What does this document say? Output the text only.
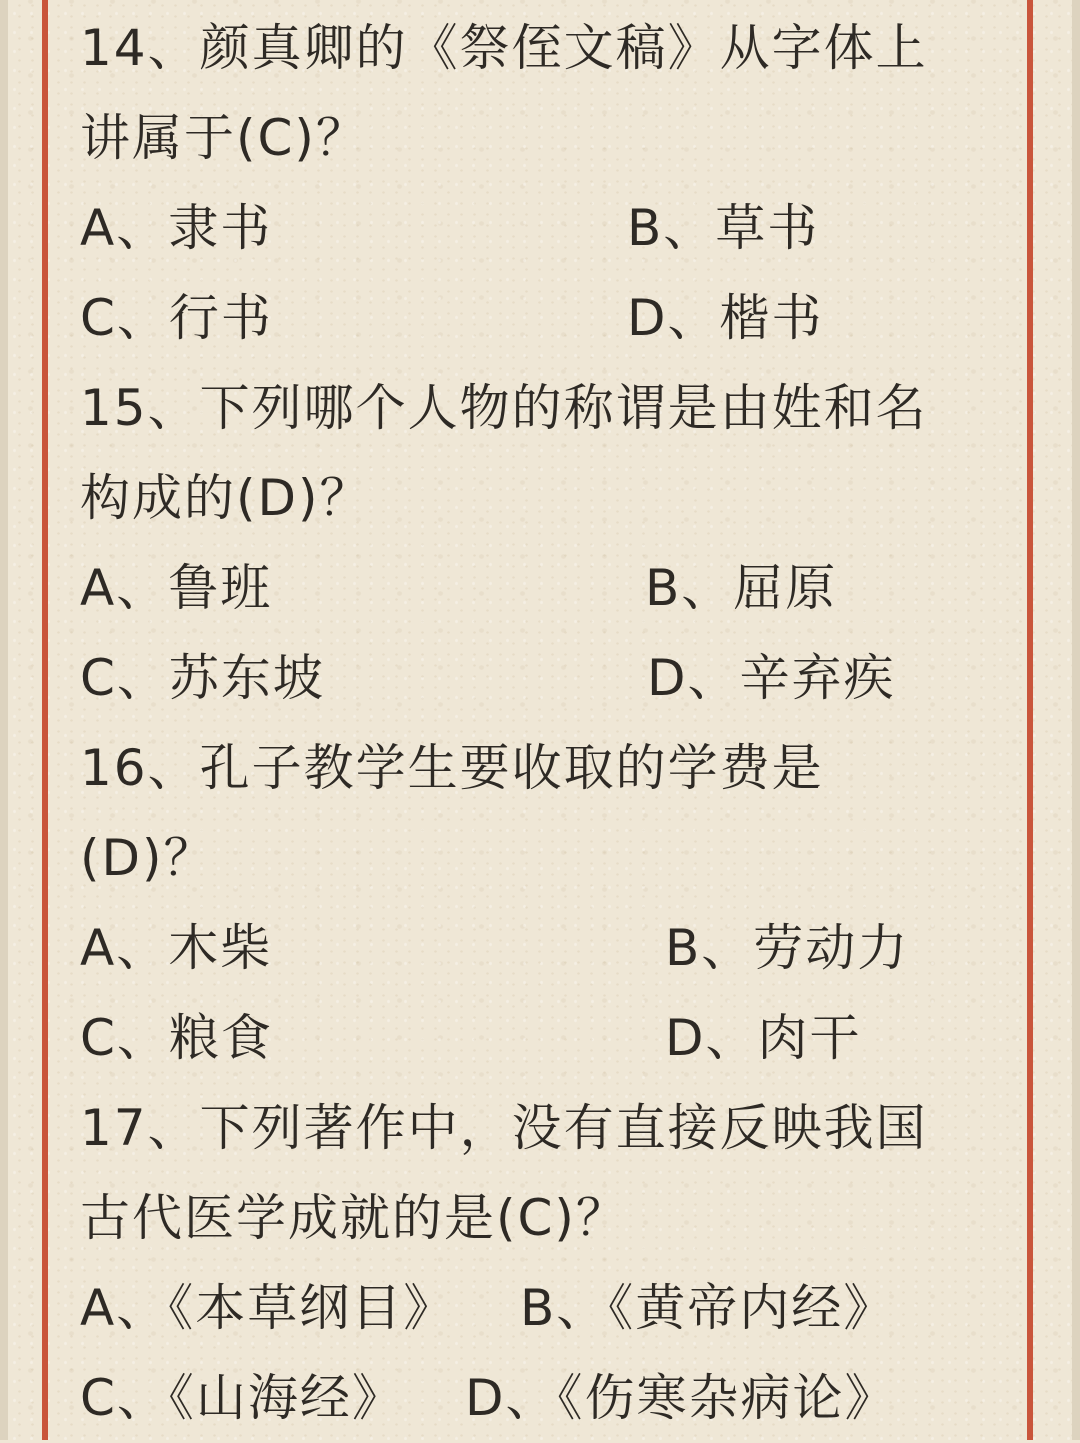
14、颜真卿的《祭侄文稿》从字体上
讲属于(C)？
A、隶书	B、草书
C、行书	D、楷书
15、下列哪个人物的称谓是由姓和名
构成的(D)？
A、鲁班	B、屈原
C、苏东坡	D、辛弃疾
16、孔子教学生要收取的学费是
(D)？
A、木柴	B、劳动力
C、粮食	D、肉干
17、下列著作中，没有直接反映我国
古代医学成就的是(C)？
A、《本草纲目》 B、《黄帝内经》
C、《山海经》 D、《伤寒杂病论》
